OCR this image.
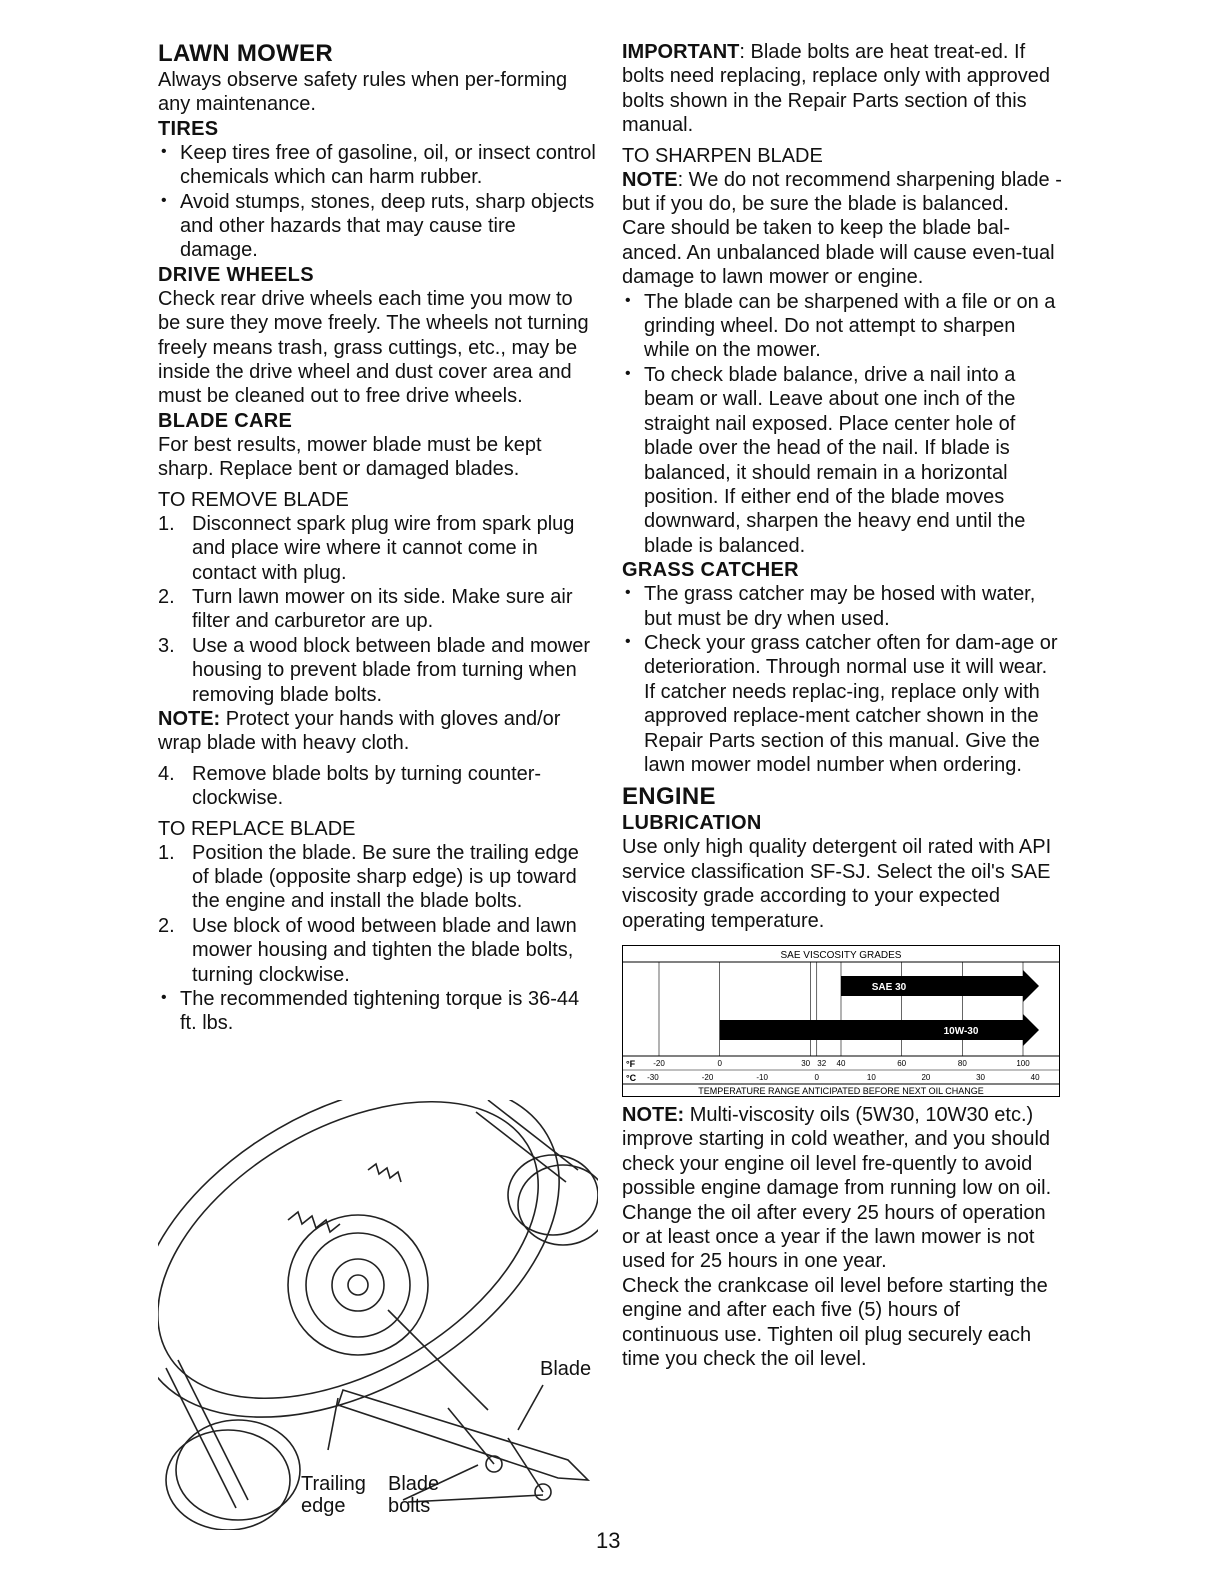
LAWN MOWER

Always observe safety rules when per-forming any maintenance.

TIRES

• Keep tires free of gasoline, oil, or insect control chemicals which can harm rubber.
• Avoid stumps, stones, deep ruts, sharp objects and other hazards that may cause tire damage.

DRIVE WHEELS

Check rear drive wheels each time you mow to be sure they move freely. The wheels not turning freely means trash, grass cuttings, etc., may be inside the drive wheel and dust cover area and must be cleaned out to free drive wheels.

BLADE CARE

For best results, mower blade must be kept sharp. Replace bent or damaged blades.

TO REMOVE BLADE

1. Disconnect spark plug wire from spark plug and place wire where it cannot come in contact with plug.
2. Turn lawn mower on its side. Make sure air filter and carburetor are up.
3. Use a wood block between blade and mower housing to prevent blade from turning when removing blade bolts.

NOTE: Protect your hands with gloves and/or wrap blade with heavy cloth.

4. Remove blade bolts by turning counter-clockwise.

TO REPLACE BLADE

1. Position the blade. Be sure the trailing edge of blade (opposite sharp edge) is up toward the engine and install the blade bolts.
2. Use block of wood between blade and lawn mower housing and tighten the blade bolts, turning clockwise.
• The recommended tightening torque is 36-44 ft. lbs.
Blade
Trailing edge
Blade bolts

IMPORTANT: Blade bolts are heat treat-ed. If bolts need replacing, replace only with approved bolts shown in the Repair Parts section of this manual.

TO SHARPEN BLADE

NOTE: We do not recommend sharpening blade - but if you do, be sure the blade is balanced.

Care should be taken to keep the blade bal-anced. An unbalanced blade will cause even-tual damage to lawn mower or engine.

• The blade can be sharpened with a file or on a grinding wheel. Do not attempt to sharpen while on the mower.
• To check blade balance, drive a nail into a beam or wall. Leave about one inch of the straight nail exposed. Place center hole of blade over the head of the nail. If blade is balanced, it should remain in a horizontal position. If either end of the blade moves downward, sharpen the heavy end until the blade is balanced.

GRASS CATCHER

• The grass catcher may be hosed with water, but must be dry when used.
• Check your grass catcher often for dam-age or deterioration. Through normal use it will wear. If catcher needs replac-ing, replace only with approved replace-ment catcher shown in the Repair Parts section of this manual. Give the lawn mower model number when ordering.

ENGINE

LUBRICATION

Use only high quality detergent oil rated with API service classification SF-SJ. Select the oil's SAE viscosity grade according to your expected operating temperature.

SAE VISCOSITY GRADES
SAE 30
10W-30
°F -20	0	30 32 40	60	80	100
°C -30	-20	-10	0	10	20	30	40
TEMPERATURE RANGE ANTICIPATED BEFORE NEXT OIL CHANGE

NOTE: Multi-viscosity oils (5W30, 10W30 etc.) improve starting in cold weather, and you should check your engine oil level fre-quently to avoid possible engine damage from running low on oil.

Change the oil after every 25 hours of operation or at least once a year if the lawn mower is not used for 25 hours in one year.

Check the crankcase oil level before starting the engine and after each five (5) hours of continuous use. Tighten oil plug securely each time you check the oil level.

13
